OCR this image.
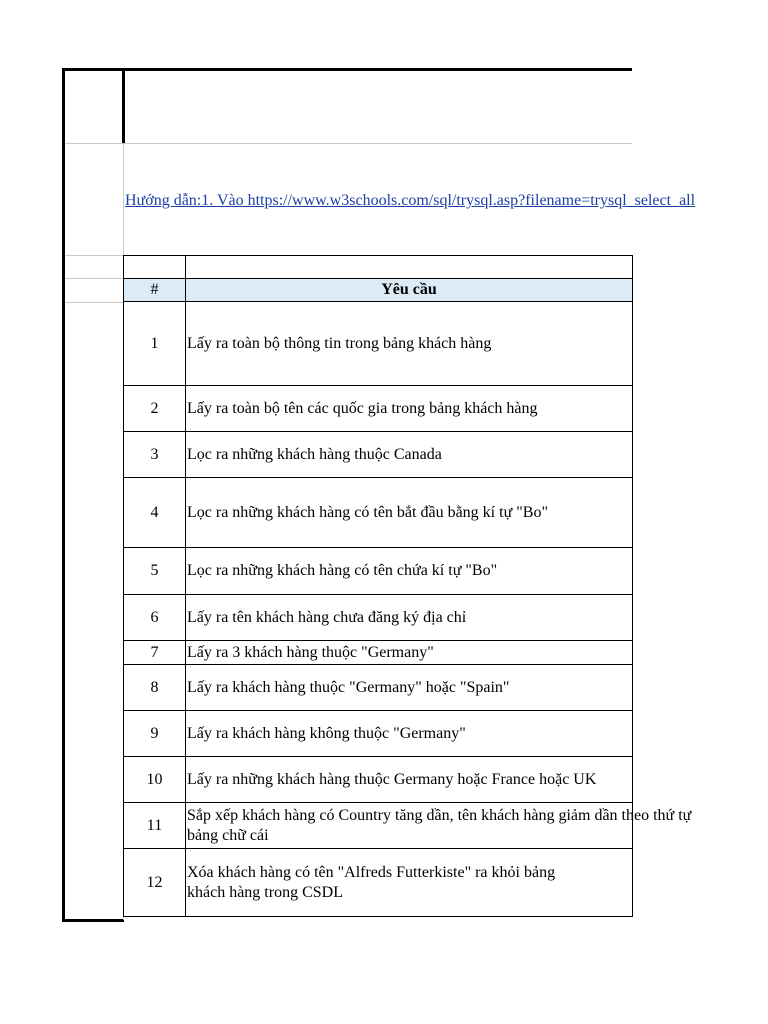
Hướng dẫn:1. Vào https://www.w3schools.com/sql/trysql.asp?filename=trysql_select_all

#	Yêu cầu
1	Lấy ra toàn bộ thông tin trong bảng khách hàng
2	Lấy ra toàn bộ tên các quốc gia trong bảng khách hàng
3	Lọc ra những khách hàng thuộc Canada
4	Lọc ra những khách hàng có tên bắt đầu bằng kí tự "Bo"
5	Lọc ra những khách hàng có tên chứa kí tự "Bo"
6	Lấy ra tên khách hàng chưa đăng ký địa chỉ
7	Lấy ra 3 khách hàng thuộc "Germany"
8	Lấy ra khách hàng thuộc "Germany" hoặc "Spain"
9	Lấy ra khách hàng không thuộc "Germany"
10	Lấy ra những khách hàng thuộc Germany hoặc France hoặc UK
11	Sắp xếp khách hàng có Country tăng dần, tên khách hàng giảm dần theo thứ tự bảng chữ cái

12	Xóa khách hàng có tên "Alfreds Futterkiste" ra khỏi bảng khách hàng trong CSDL
